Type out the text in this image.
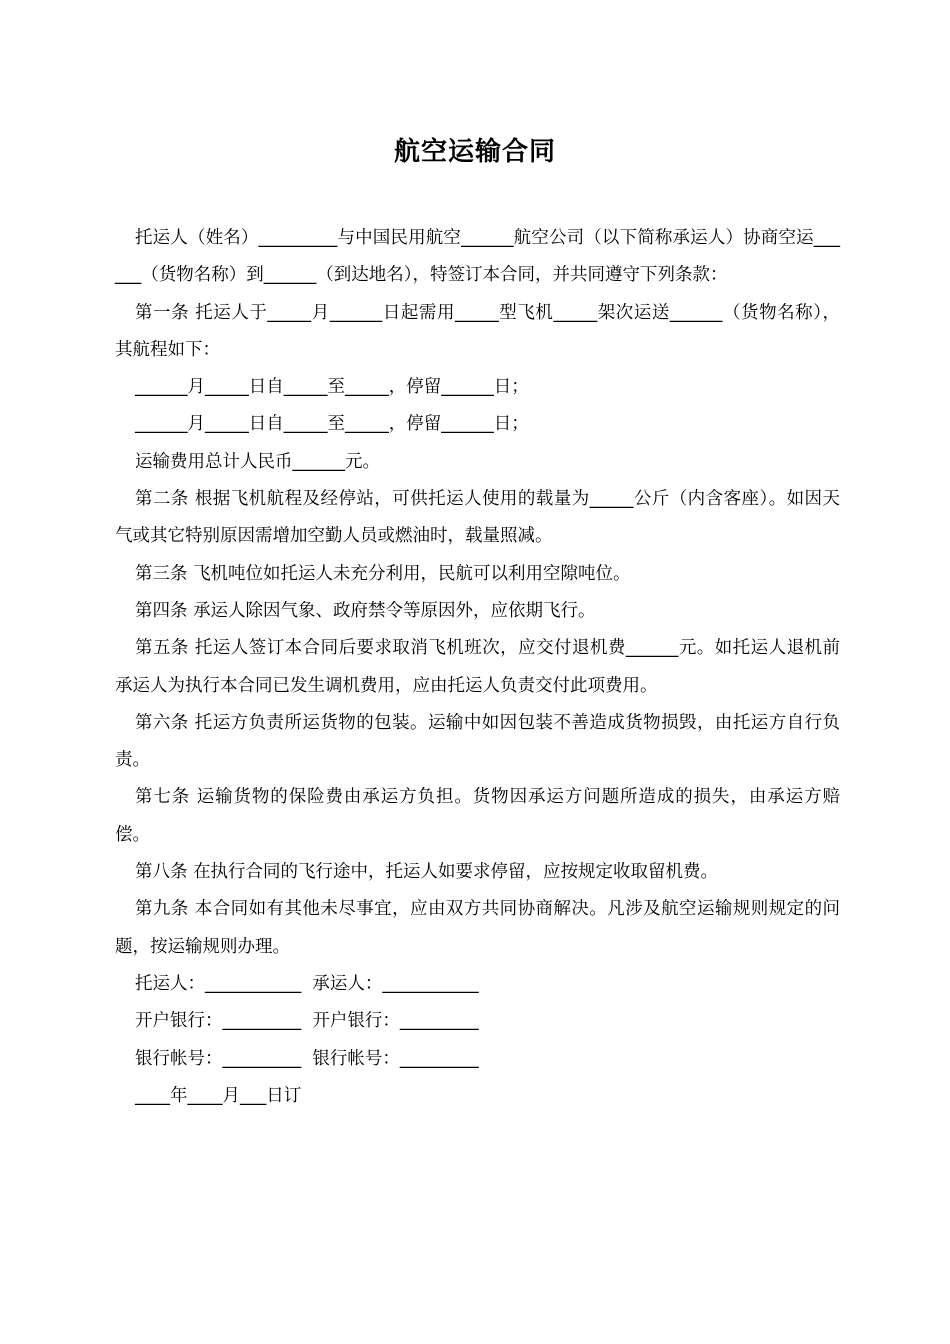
航空运输合同

托运人（姓名）_________与中国民用航空______航空公司（以下简称承运人）协商空运______（货物名称）到______（到达地名），特签订本合同，并共同遵守下列条款：

第一条 托运人于_____月______日起需用_____型飞机_____架次运送______（货物名称），其航程如下：

______月_____日自_____至_____，停留______日；

______月_____日自_____至_____，停留______日；

运输费用总计人民币______元。

第二条 根据飞机航程及经停站，可供托运人使用的载量为_____公斤（内含客座）。如因天气或其它特别原因需增加空勤人员或燃油时，载量照减。

第三条 飞机吨位如托运人未充分利用，民航可以利用空隙吨位。

第四条 承运人除因气象、政府禁令等原因外，应依期飞行。

第五条 托运人签订本合同后要求取消飞机班次，应交付退机费______元。如托运人退机前承运人为执行本合同已发生调机费用，应由托运人负责交付此项费用。

第六条 托运方负责所运货物的包装。运输中如因包装不善造成货物损毁，由托运方自行负责。

第七条 运输货物的保险费由承运方负担。货物因承运方问题所造成的损失，由承运方赔偿。

第八条 在执行合同的飞行途中，托运人如要求停留，应按规定收取留机费。

第九条 本合同如有其他未尽事宜，应由双方共同协商解决。凡涉及航空运输规则规定的问题，按运输规则办理。

托运人：___________  承运人：___________

开户银行：_________  开户银行：_________

银行帐号：_________  银行帐号：_________

____年____月___日订
